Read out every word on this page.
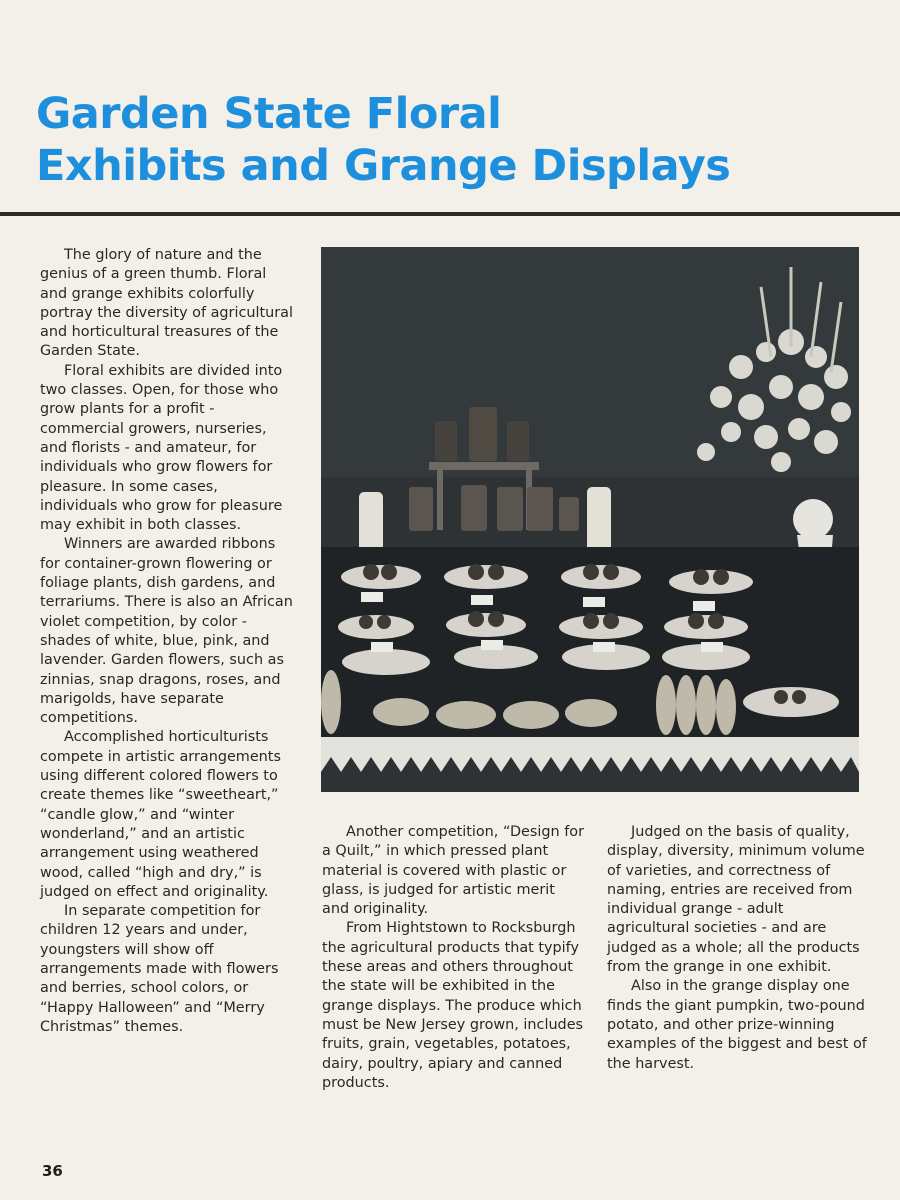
Garden State Floral
Exhibits and Grange Displays

The glory of nature and the genius of a green thumb. Floral and grange exhibits colorfully portray the diversity of agricultural and horticultural treasures of the Garden State.

Floral exhibits are divided into two classes. Open, for those who grow plants for a profit - commercial growers, nurseries, and florists - and amateur, for individuals who grow flowers for pleasure. In some cases, individuals who grow for pleasure may exhibit in both classes.

Winners are awarded ribbons for container-grown flowering or foliage plants, dish gardens, and terrariums. There is also an African violet competition, by color - shades of white, blue, pink, and lavender. Garden flowers, such as zinnias, snap dragons, roses, and marigolds, have separate competitions.

Accomplished horticulturists compete in artistic arrangements using different colored flowers to create themes like “sweetheart,” “candle glow,” and “winter wonderland,” and an artistic arrangement using weathered wood, called “high and dry,” is judged on effect and originality.

In separate competition for children 12 years and under, youngsters will show off arrangements made with flowers and berries, school colors, or “Happy Halloween” and “Merry Christmas” themes.

Another competition, “Design for a Quilt,” in which pressed plant material is covered with plastic or glass, is judged for artistic merit and originality.

From Hightstown to Rocksburgh the agricultural products that typify these areas and others throughout the state will be exhibited in the grange displays. The produce which must be New Jersey grown, includes fruits, grain, vegetables, potatoes, dairy, poultry, apiary and canned products.

Judged on the basis of quality, display, diversity, minimum volume of varieties, and correctness of naming, entries are received from individual grange - adult agricultural societies - and are judged as a whole; all the products from the grange in one exhibit.

Also in the grange display one finds the giant pumpkin, two-pound potato, and other prize-winning examples of the biggest and best of the harvest.

36
